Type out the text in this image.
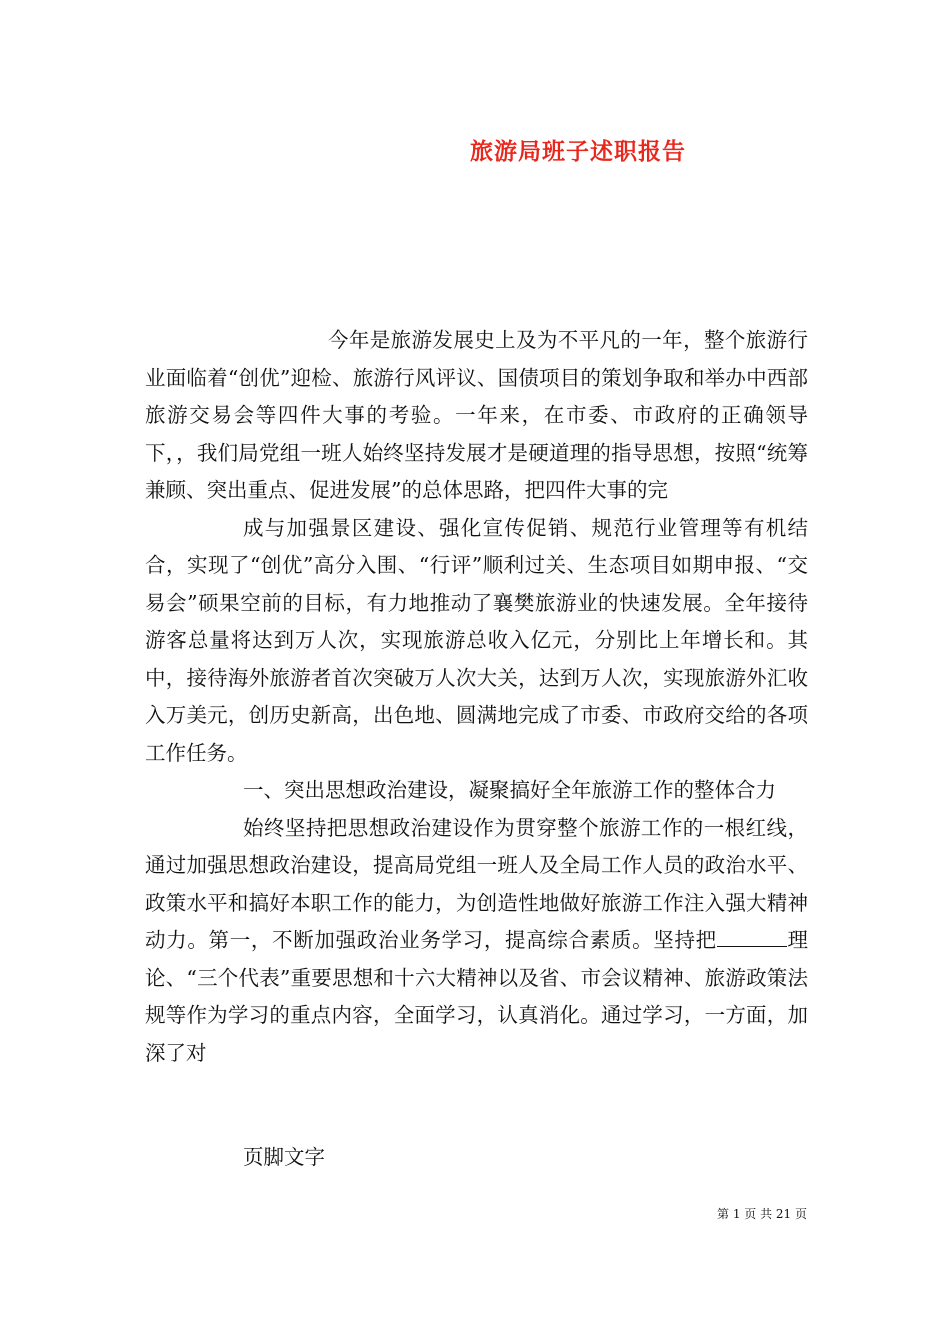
旅游局班子述职报告

今年是旅游发展史上及为不平凡的一年，整个旅游行业面临着“创优”迎检、旅游行风评议、国债项目的策划争取和举办中西部旅游交易会等四件大事的考验。一年来，在市委、市政府的正确领导下，，我们局党组一班人始终坚持发展才是硬道理的指导思想，按照“统筹兼顾、突出重点、促进发展”的总体思路，把四件大事的完

成与加强景区建设、强化宣传促销、规范行业管理等有机结合，实现了“创优”高分入围、“行评”顺利过关、生态项目如期申报、“交易会”硕果空前的目标，有力地推动了襄樊旅游业的快速发展。全年接待游客总量将达到万人次，实现旅游总收入亿元，分别比上年增长和。其中，接待海外旅游者首次突破万人次大关，达到万人次，实现旅游外汇收入万美元，创历史新高，出色地、圆满地完成了市委、市政府交给的各项工作任务。

一、突出思想政治建设，凝聚搞好全年旅游工作的整体合力

始终坚持把思想政治建设作为贯穿整个旅游工作的一根红线，通过加强思想政治建设，提高局党组一班人及全局工作人员的政治水平、政策水平和搞好本职工作的能力，为创造性地做好旅游工作注入强大精神动力。第一，不断加强政治业务学习，提高综合素质。坚持把	理论、“三个代表”重要思想和十六大精神以及省、市会议精神、旅游政策法规等作为学习的重点内容，全面学习，认真消化。通过学习，一方面，加深了对

页脚文字
第 1 页 共 21 页
